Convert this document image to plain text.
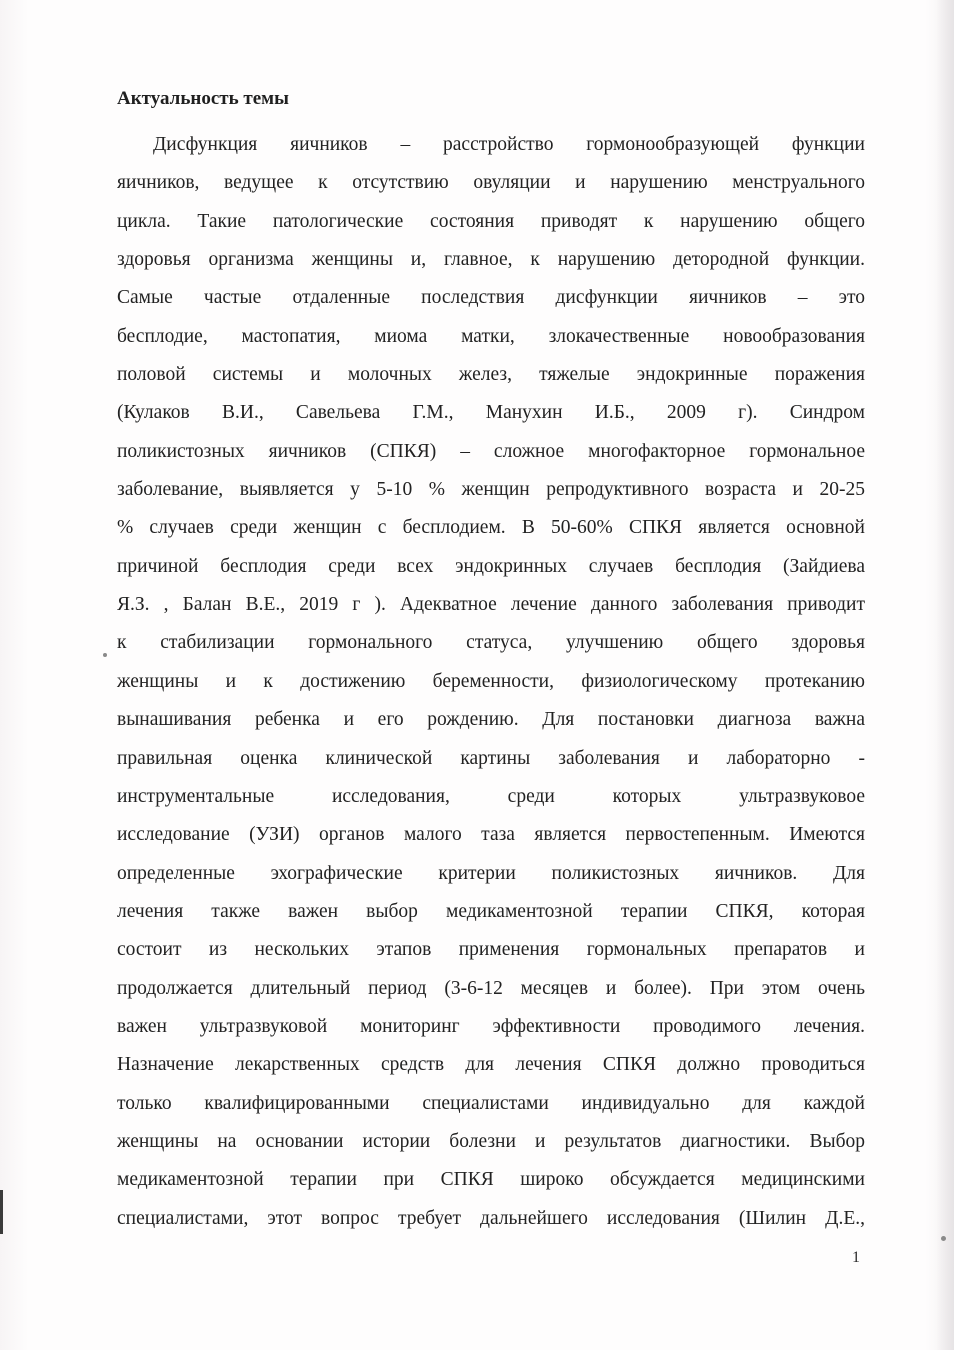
Актуальность темы
Дисфункция яичников – расстройство гормонообразующей функции
яичников, ведущее к отсутствию овуляции и нарушению менструального
цикла. Такие патологические состояния приводят к нарушению общего
здоровья организма женщины и, главное, к нарушению детородной функции.
Самые частые отдаленные последствия дисфункции яичников – это
бесплодие, мастопатия, миома матки, злокачественные новообразования
половой системы и молочных желез, тяжелые эндокринные поражения
(Кулаков В.И., Савельева Г.М., Манухин И.Б., 2009 г). Синдром
поликистозных яичников (СПКЯ) – сложное многофакторное гормональное
заболевание, выявляется у 5-10 % женщин репродуктивного возраста и 20-25
% случаев среди женщин с бесплодием. В 50-60% СПКЯ является основной
причиной бесплодия среди всех эндокринных случаев бесплодия (Зайдиева
Я.З. , Балан В.Е., 2019 г ). Адекватное лечение данного заболевания приводит
к стабилизации гормонального статуса, улучшению общего здоровья
женщины и к достижению беременности, физиологическому протеканию
вынашивания ребенка и его рождению. Для постановки диагноза важна
правильная оценка клинической картины заболевания и лабораторно -
инструментальные исследования, среди которых ультразвуковое
исследование (УЗИ) органов малого таза является первостепенным. Имеются
определенные эхографические критерии поликистозных яичников. Для
лечения также важен выбор медикаментозной терапии СПКЯ, которая
состоит из нескольких этапов применения гормональных препаратов и
продолжается длительный период (3-6-12 месяцев и более). При этом очень
важен ультразвуковой мониторинг эффективности проводимого лечения.
Назначение лекарственных средств для лечения СПКЯ должно проводиться
только квалифицированными специалистами индивидуально для каждой
женщины на основании истории болезни и результатов диагностики. Выбор
медикаментозной терапии при СПКЯ широко обсуждается медицинскими
специалистами, этот вопрос требует дальнейшего исследования (Шилин Д.Е.,
1
